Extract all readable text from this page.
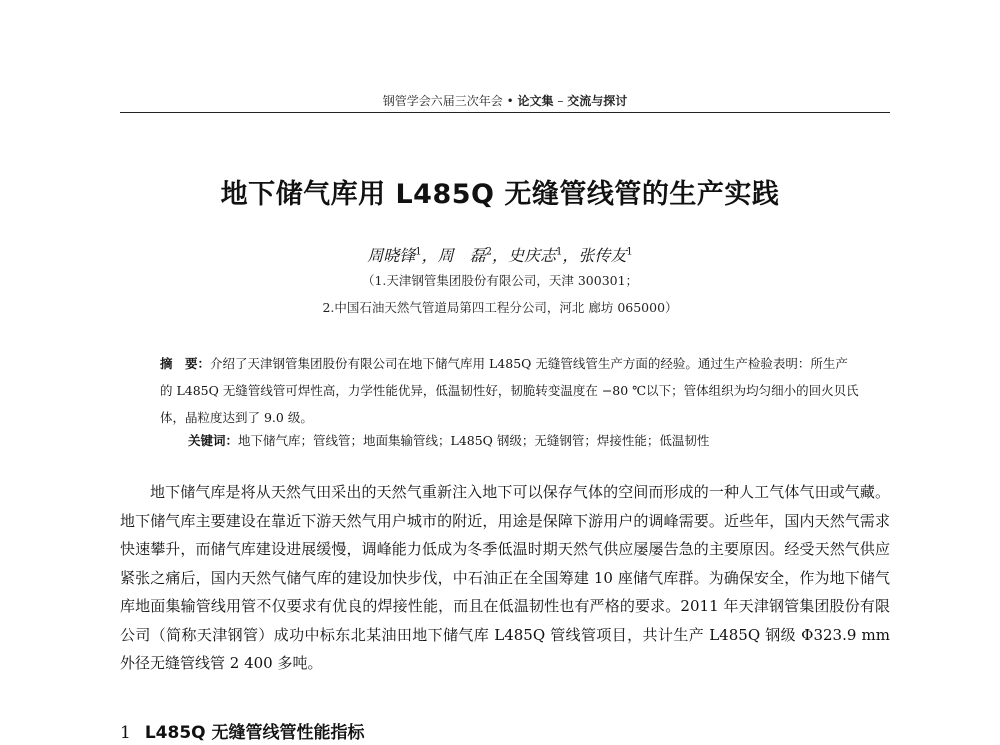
钢管学会六届三次年会 • 论文集 – 交流与探讨
地下储气库用 L485Q 无缝管线管的生产实践
周晓锋$^1$，周　磊$^2$，史庆志$^1$，张传友$^1$
（1.天津钢管集团股份有限公司，天津 300301；
2.中国石油天然气管道局第四工程分公司，河北 廊坊 065000）
摘　要：介绍了天津钢管集团股份有限公司在地下储气库用 L485Q 无缝管线管生产方面的经验。通过生产检验表明：所生产的 L485Q 无缝管线管可焊性高，力学性能优异，低温韧性好，韧脆转变温度在 −80 ℃以下；管体组织为均匀细小的回火贝氏体，晶粒度达到了 9.0 级。
关键词：地下储气库；管线管；地面集输管线；L485Q 钢级；无缝钢管；焊接性能；低温韧性
地下储气库是将从天然气田采出的天然气重新注入地下可以保存气体的空间而形成的一种人工气体气田或气藏。地下储气库主要建设在靠近下游天然气用户城市的附近，用途是保障下游用户的调峰需要。近些年，国内天然气需求快速攀升，而储气库建设进展缓慢，调峰能力低成为冬季低温时期天然气供应屡屡告急的主要原因。经受天然气供应紧张之痛后，国内天然气储气库的建设加快步伐，中石油正在全国筹建 10 座储气库群。为确保安全，作为地下储气库地面集输管线用管不仅要求有优良的焊接性能，而且在低温韧性也有严格的要求。2011 年天津钢管集团股份有限公司（简称天津钢管）成功中标东北某油田地下储气库 L485Q 管线管项目，共计生产 L485Q 钢级 Φ323.9 mm 外径无缝管线管 2 400 多吨。
1 L485Q 无缝管线管性能指标
